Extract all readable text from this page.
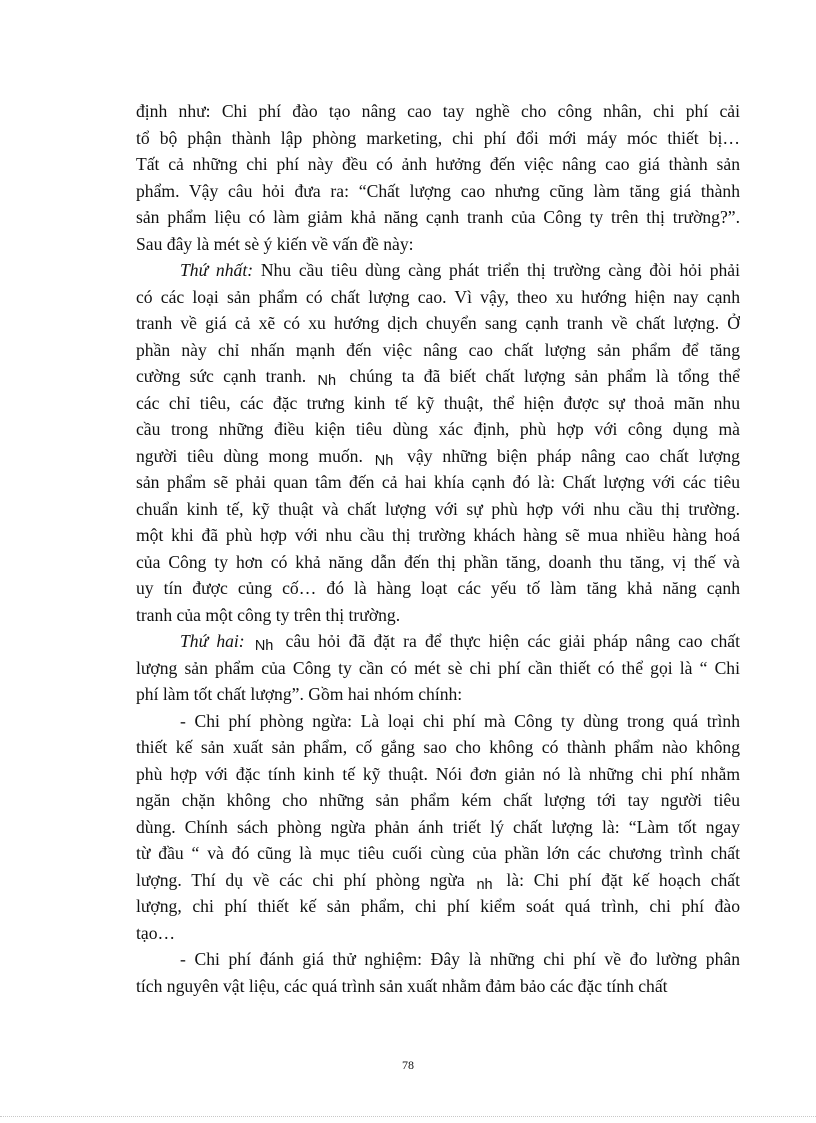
định như: Chi phí đào tạo nâng cao tay nghề cho công nhân, chi phí cải
tổ bộ phận thành lập phòng marketing, chi phí đổi mới máy móc thiết bị…
Tất cả những chi phí này đều có ảnh hưởng đến việc nâng cao giá thành sản
phẩm. Vậy câu hỏi đưa ra: “Chất lượng cao nhưng cũng làm tăng giá thành
sản phẩm liệu có làm giảm khả năng cạnh tranh của Công ty trên thị trường?”.
Sau đây là mét sè ý kiến về vấn đề này:
Thứ nhất: Nhu cầu tiêu dùng càng phát triển thị trường càng đòi hỏi phải
có các loại sản phẩm có chất lượng cao. Vì vậy, theo xu hướng hiện nay cạnh
tranh về giá cả xẽ có xu hướng dịch chuyển sang cạnh tranh về chất lượng. Ở
phần này chỉ nhấn mạnh đến việc nâng cao chất lượng sản phẩm để tăng
cường sức cạnh tranh. Nh chúng ta đã biết chất lượng sản phẩm là tổng thể
các chỉ tiêu, các đặc trưng kinh tế kỹ thuật, thể hiện được sự thoả mãn nhu
cầu trong những điều kiện tiêu dùng xác định, phù hợp với công dụng mà
người tiêu dùng mong muốn. Nh vậy những biện pháp nâng cao chất lượng
sản phẩm sẽ phải quan tâm đến cả hai khía cạnh đó là: Chất lượng với các tiêu
chuẩn kinh tế, kỹ thuật và chất lượng với sự phù hợp với nhu cầu thị trường.
một khi đã phù hợp với nhu cầu thị trường khách hàng sẽ mua nhiều hàng hoá
của Công ty hơn có khả năng dẫn đến thị phần tăng, doanh thu tăng, vị thế và
uy tín được củng cố… đó là hàng loạt các yếu tố làm tăng khả năng cạnh
tranh của một công ty trên thị trường.
Thứ hai: Nh câu hỏi đã đặt ra để thực hiện các giải pháp nâng cao chất
lượng sản phẩm của Công ty cần có mét sè chi phí cần thiết có thể gọi là “ Chi
phí làm tốt chất lượng”. Gồm hai nhóm chính:
- Chi phí phòng ngừa: Là loại chi phí mà Công ty dùng trong quá trình
thiết kế sản xuất sản phẩm, cố gắng sao cho không có thành phẩm nào không
phù hợp với đặc tính kinh tế kỹ thuật. Nói đơn giản nó là những chi phí nhằm
ngăn chặn không cho những sản phẩm kém chất lượng tới tay người tiêu
dùng. Chính sách phòng ngừa phản ánh triết lý chất lượng là: “Làm tốt ngay
từ đầu “ và đó cũng là mục tiêu cuối cùng của phần lớn các chương trình chất
lượng. Thí dụ về các chi phí phòng ngừa nh là: Chi phí đặt kế hoạch chất
lượng, chi phí thiết kế sản phẩm, chi phí kiểm soát quá trình, chi phí đào
tạo…
- Chi phí đánh giá thử nghiệm: Đây là những chi phí về đo lường phân
tích nguyên vật liệu, các quá trình sản xuất nhằm đảm bảo các đặc tính chất
78
